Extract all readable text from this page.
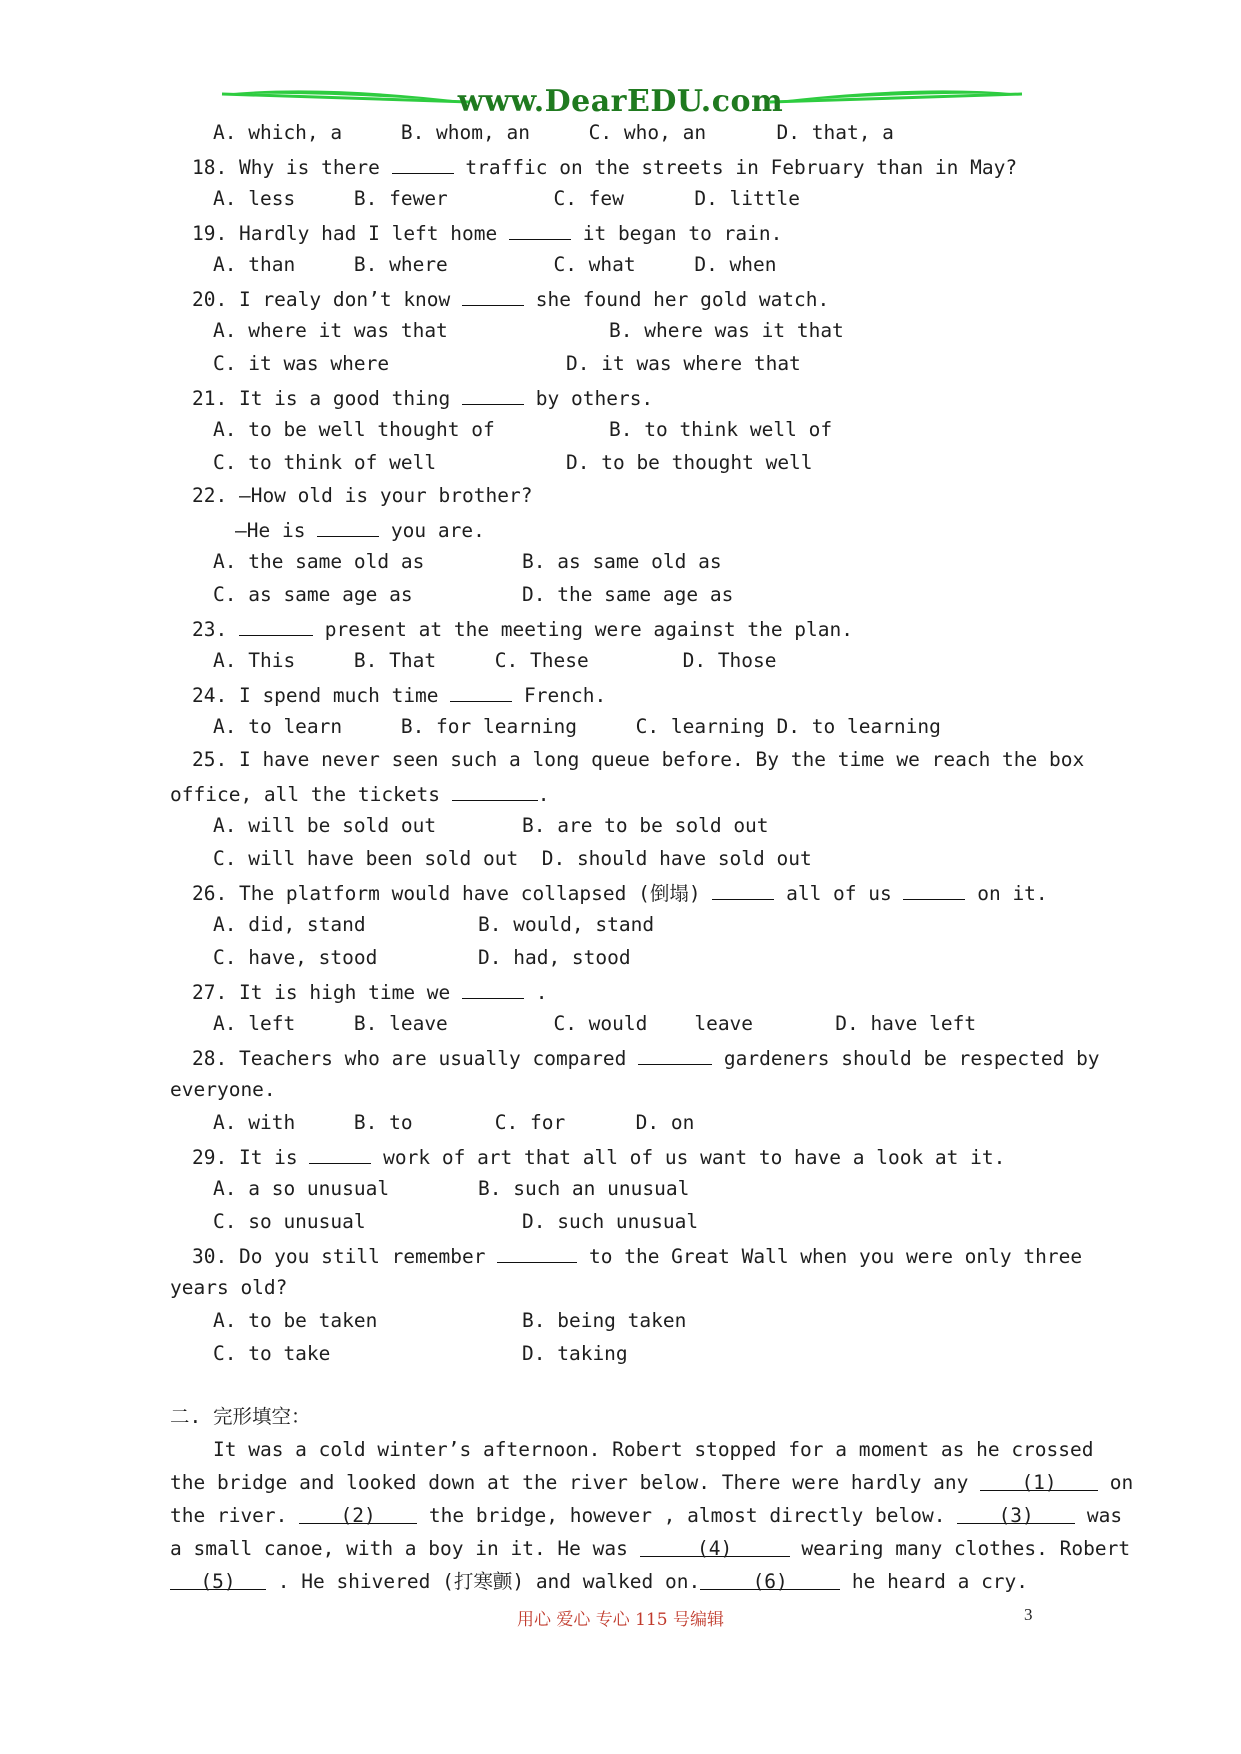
www.DearEDU.com
A. which, a     B. whom, an     C. who, an      D. that, a
18. Why is there	traffic on the streets in February than in May?
A. less     B. fewer         C. few      D. little
19. Hardly had I left home	it began to rain.
A. than     B. where         C. what     D. when
20. I realy don’t know	she found her gold watch.
A. where it was that	B. where was it that
C. it was where	D. it was where that
21. It is a good thing	by others.
A. to be well thought of	B. to think well of
C. to think of well	D. to be thought well
22. —How old is your brother?
—He is	you are.
A. the same old as	B. as same old as
C. as same age as	D. the same age as
23.	present at the meeting were against the plan.
A. This     B. That     C. These        D. Those
24. I spend much time	French.
A. to learn     B. for learning     C. learning D. to learning
25. I have never seen such a long queue before. By the time we reach the box
office, all the tickets	.
A. will be sold out	B. are to be sold out
C. will have been sold out  D. should have sold out
26. The platform would have collapsed (倒塌)	all of us	on it.
A. did, stand	B. would, stand
C. have, stood	D. had, stood
27. It is high time we	.
A. left     B. leave         C. would    leave       D. have left
28. Teachers who are usually compared	gardeners should be respected by
everyone.
A. with     B. to       C. for      D. on
29. It is	work of art that all of us want to have a look at it.
A. a so unusual	B. such an unusual
C. so unusual	D. such unusual
30. Do you still remember	to the Great Wall when you were only three
years old?
A. to be taken	B. being taken
C. to take	D. taking
二. 完形填空：
It was a cold winter’s afternoon. Robert stopped for a moment as he crossed
the bridge and looked down at the river below. There were hardly any (1) on
the river. (2) the bridge, however , almost directly below. (3) was
a small canoe, with a boy in it. He was	(4)	wearing many clothes. Robert
(5) . He shivered (打寒颤) and walked on.	(6)	he heard a cry.
用心 爱心 专心 115 号编辑	3
